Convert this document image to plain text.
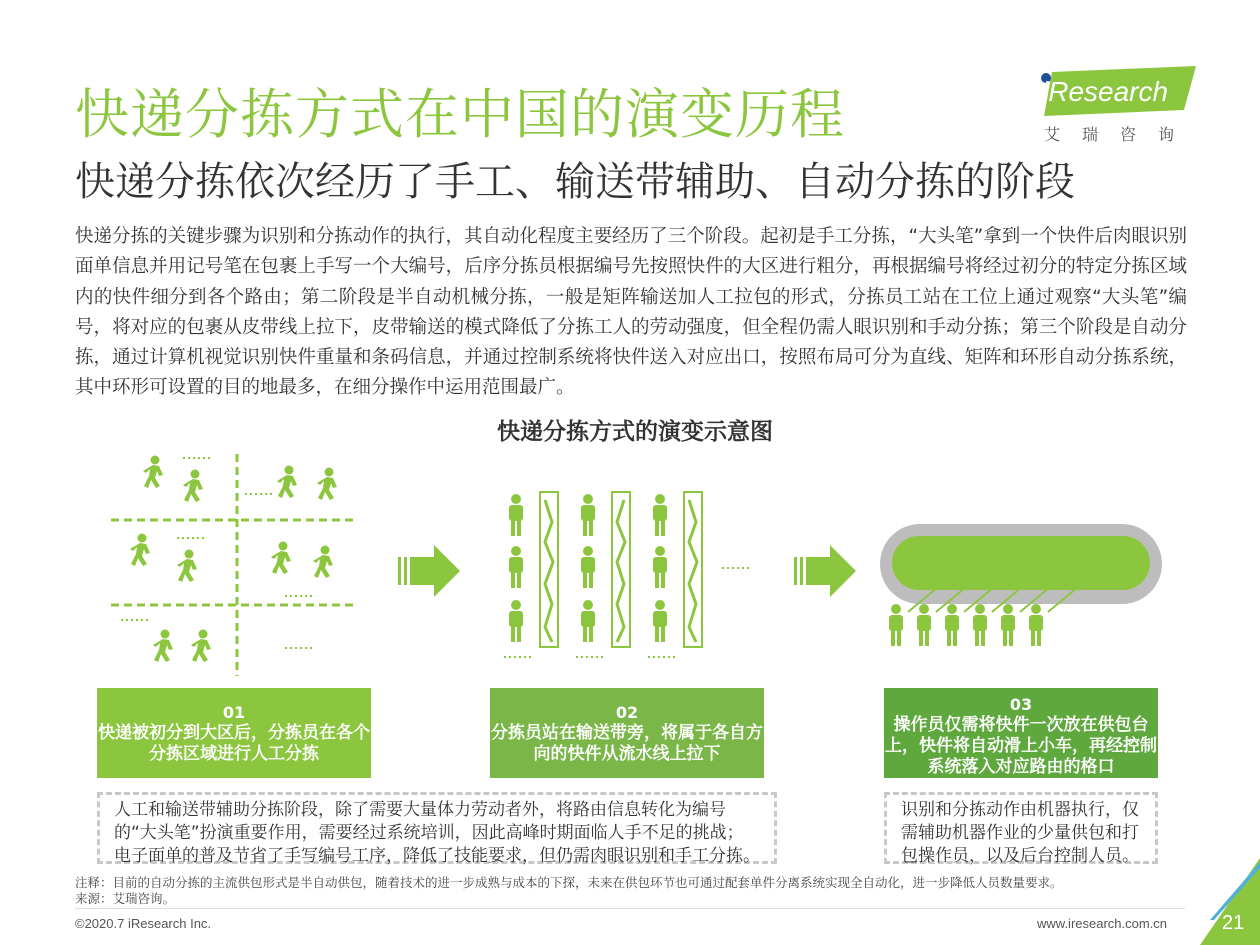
快递分拣方式在中国的演变历程
快递分拣依次经历了手工、输送带辅助、自动分拣的阶段
iResearch
艾瑞咨询
快递分拣的关键步骤为识别和分拣动作的执行，其自动化程度主要经历了三个阶段。起初是手工分拣，“大头笔”拿到一个快件后肉眼识别面单信息并用记号笔在包裹上手写一个大编号，后序分拣员根据编号先按照快件的大区进行粗分，再根据编号将经过初分的特定分拣区域内的快件细分到各个路由；第二阶段是半自动机械分拣，一般是矩阵输送加人工拉包的形式，分拣员工站在工位上通过观察“大头笔”编号，将对应的包裹从皮带线上拉下，皮带输送的模式降低了分拣工人的劳动强度，但全程仍需人眼识别和手动分拣；第三个阶段是自动分拣，通过计算机视觉识别快件重量和条码信息，并通过控制系统将快件送入对应出口，按照布局可分为直线、矩阵和环形自动分拣系统，其中环形可设置的目的地最多，在细分操作中运用范围最广。
快递分拣方式的演变示意图
01
快递被初分到大区后，分拣员在各个分拣区域进行人工分拣
02
分拣员站在输送带旁，将属于各自方向的快件从流水线上拉下
03
操作员仅需将快件一次放在供包台上，快件将自动滑上小车，再经控制系统落入对应路由的格口
人工和输送带辅助分拣阶段，除了需要大量体力劳动者外，将路由信息转化为编号的“大头笔”扮演重要作用，需要经过系统培训，因此高峰时期面临人手不足的挑战；电子面单的普及节省了手写编号工序，降低了技能要求，但仍需肉眼识别和手工分拣。
识别和分拣动作由机器执行，仅需辅助机器作业的少量供包和打包操作员，以及后台控制人员。
注释：目前的自动分拣的主流供包形式是半自动供包，随着技术的进一步成熟与成本的下探，未来在供包环节也可通过配套单件分离系统实现全自动化，进一步降低人员数量要求。
来源：艾瑞咨询。
©2020.7 iResearch Inc.	www.iresearch.com.cn	21
